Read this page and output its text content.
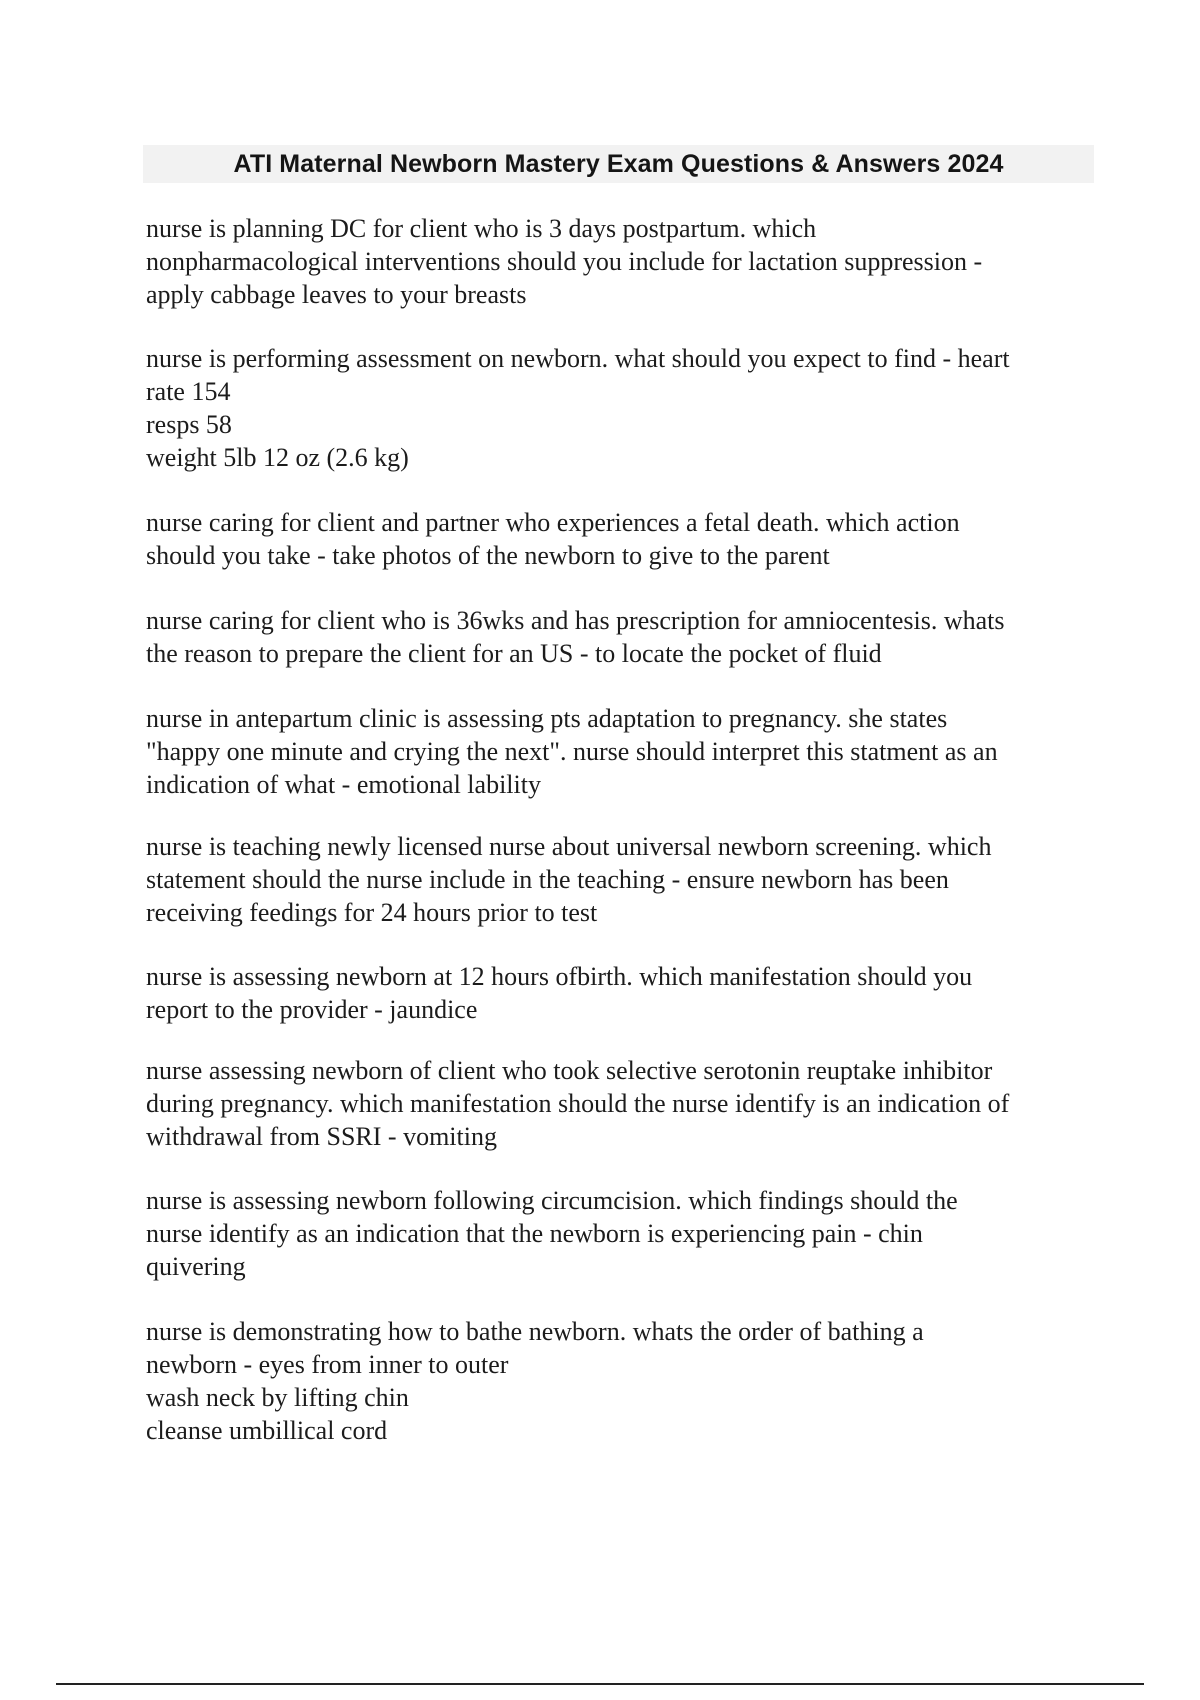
ATI Maternal Newborn Mastery Exam Questions & Answers 2024
nurse is planning DC for client who is 3 days postpartum. which
nonpharmacological interventions should you include for lactation suppression -
apply cabbage leaves to your breasts
nurse is performing assessment on newborn. what should you expect to find - heart
rate 154
resps 58
weight 5lb 12 oz (2.6 kg)
nurse caring for client and partner who experiences a fetal death. which action
should you take - take photos of the newborn to give to the parent
nurse caring for client who is 36wks and has prescription for amniocentesis. whats
the reason to prepare the client for an US - to locate the pocket of fluid
nurse in antepartum clinic is assessing pts adaptation to pregnancy. she states
"happy one minute and crying the next". nurse should interpret this statment as an
indication of what - emotional lability
nurse is teaching newly licensed nurse about universal newborn screening. which
statement should the nurse include in the teaching - ensure newborn has been
receiving feedings for 24 hours prior to test
nurse is assessing newborn at 12 hours ofbirth. which manifestation should you
report to the provider - jaundice
nurse assessing newborn of client who took selective serotonin reuptake inhibitor
during pregnancy. which manifestation should the nurse identify is an indication of
withdrawal from SSRI - vomiting
nurse is assessing newborn following circumcision. which findings should the
nurse identify as an indication that the newborn is experiencing pain - chin
quivering
nurse is demonstrating how to bathe newborn. whats the order of bathing a
newborn - eyes from inner to outer
wash neck by lifting chin
cleanse umbillical cord
